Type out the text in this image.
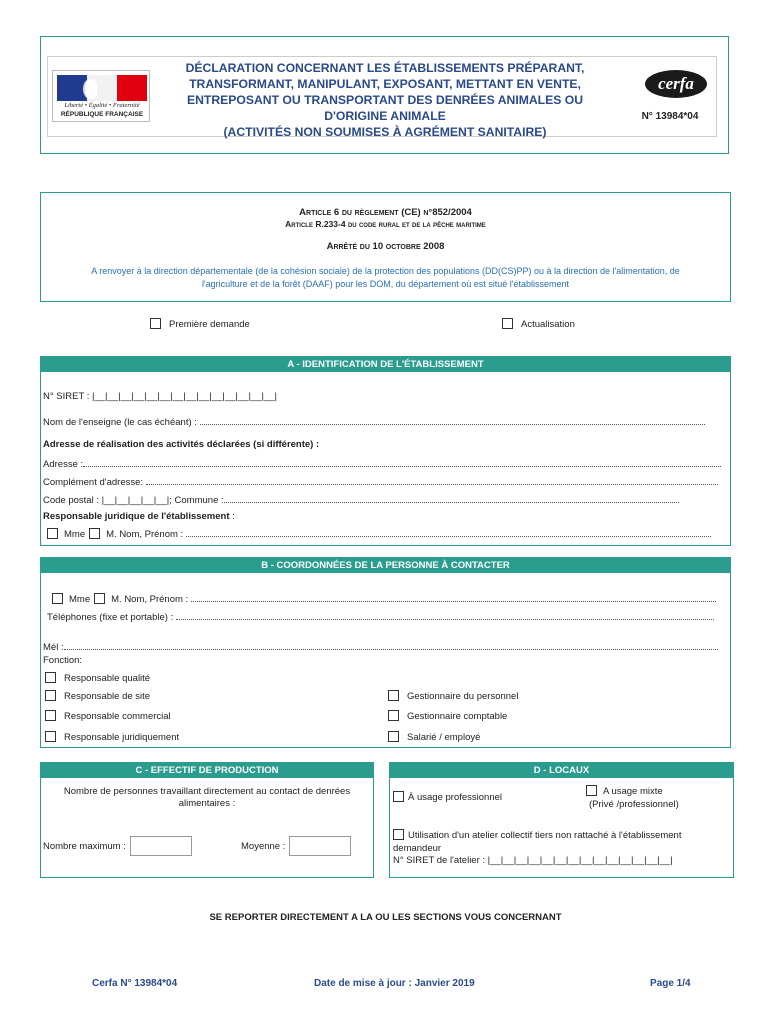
Liberté • Égalité • Fraternité
RÉPUBLIQUE FRANÇAISE
DÉCLARATION CONCERNANT LES ÉTABLISSEMENTS PRÉPARANT,
TRANSFORMANT, MANIPULANT, EXPOSANT, METTANT EN VENTE,
ENTREPOSANT OU TRANSPORTANT DES DENRÉES ANIMALES OU
D'ORIGINE ANIMALE
(ACTIVITÉS NON SOUMISES À AGRÉMENT SANITAIRE)
cerfa
N° 13984*04
Article 6 du règlement (CE) n°852/2004
Article R.233-4 du code rural et de la pêche maritime
Arrêté du 10 octobre 2008
A renvoyer à la direction départementale (de la cohésion sociale) de la protection des populations (DD(CS)PP) ou à la direction de l'alimentation, de
l'agriculture et de la forêt (DAAF) pour les DOM, du département où est situé l'établissement
Première demande	Actualisation
A - IDENTIFICATION DE L'ÉTABLISSEMENT
N° SIRET : |__|__|__|__|__|__|__|__|__|__|__|__|__|__|
Nom de l'enseigne (le cas échéant) :
Adresse de réalisation des activités déclarées (si différente) :
Adresse :
Complément d'adresse:
Code postal : |__|__|__|__|__|; Commune :
Responsable juridique de l'établissement :
Mme M. Nom, Prénom :
B - COORDONNÉES DE LA PERSONNE À CONTACTER
Mme M. Nom, Prénom :
Téléphones (fixe et portable) :
Mél :
Fonction:
Responsable qualité
Responsable de site
Responsable commercial
Responsable juridiquement
Gestionnaire du personnel
Gestionnaire comptable
Salarié / employé
C - EFFECTIF DE PRODUCTION
Nombre de personnes travaillant directement au contact de denrées
alimentaires :
Nombre maximum :	Moyenne :
D - LOCAUX
À usage professionnel
A usage mixte
(Privé /professionnel)
Utilisation d'un atelier collectif tiers non rattaché à l'établissement
demandeur
N° SIRET de l'atelier : |__|__|__|__|__|__|__|__|__|__|__|__|__|__|
SE REPORTER DIRECTEMENT A LA OU LES SECTIONS VOUS CONCERNANT
Cerfa N° 13984*04	Date de mise à jour : Janvier 2019	Page 1/4
